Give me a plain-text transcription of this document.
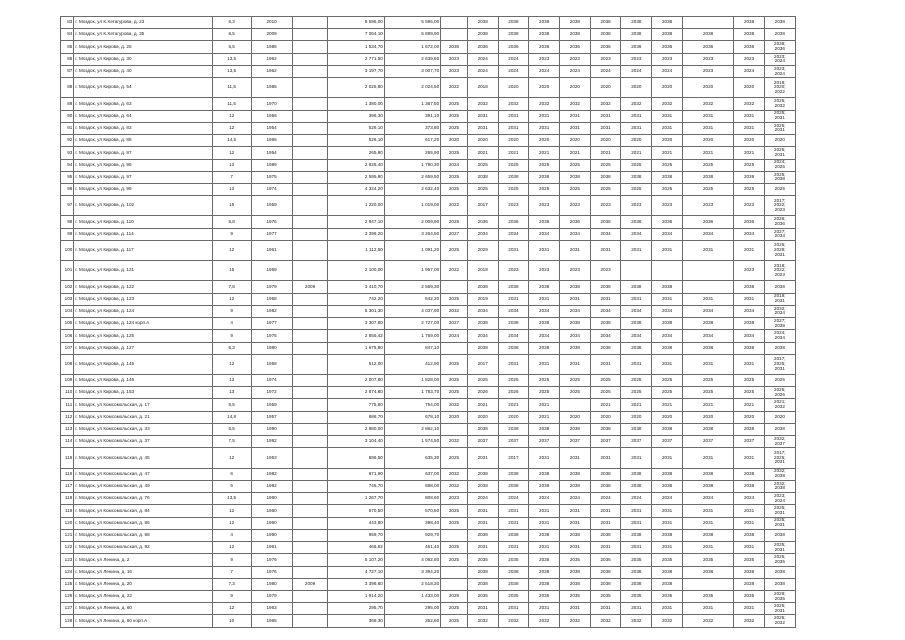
83	г. Моздок, ул К.Хетагурова, д. 23	6,3	2010		5 595,00	5 595,00		2038	2038	2038	2038	2038	2038	2038		2038	2038
84	г. Моздок, ул К.Хетагурова, д. 35	6,5	2009		7 064,10	5 899,90		2038	2038	2038	2038	2038	2038	2038	2038	2038	2038
85	г. Моздок, ул Кирова, д. 25	5,5	1986		1 534,70	1 672,00	2036	2036	2036	2036	2036	2036	2036	2036	2036	2036	2036;
2036
86	г. Моздок, ул Кирова, д. 30	13,5	1962		2 771,50	2 639,60	2023	2024	2024	2023	2023	2023	2023	2023	2023	2023	2023;
2024
87	г. Моздок, ул Кирова, д. 40	13,5	1962		3 197,70	3 007,70	2023	2024	2024	2024	2024	2024	2024	2024	2023	2024	2023;
2024
88	г. Моздок, ул Кирова, д. 54	11,5	1985		2 025,80	2 024,50	2022	2018	2020	2020	2020	2020	2020	2020	2020	2020	2018;
2020;
2022
89	г. Моздок, ул Кирова, д. 63	11,5	1970		1 380,00	1 367,50	2025	2032	2032	2032	2032	2032	2032	2032	2032	2032	2025;
2032
90	г. Моздок, ул Кирова, д. 64	12	1956		396,30	391,10	2025	2031	2031	2031	2031	2031	2031	2031	2031	2031	2025;
2031
91	г. Моздок, ул Кирова, д. 83	12	1954		529,10	373,80	2025	2031	2031	2031	2031	2031	2031	2031	2031	2031	2025;
2031
92	г. Моздок, ул Кирова, д. 85	14,5	1965		526,10	617,20	2020	2020	2020	2020	2020	2020	2020	2020	2020	2020	2020
93	г. Моздок, ул Кирова, д. 87	12	1954		265,90	265,90	2025	2021	2021	2021	2021	2021	2021	2021	2021	2021	2025;
2031
94	г. Моздок, ул Кирова, д. 95	13	1989		2 825,40	1 790,30	2024	2025	2025	2025	2025	2025	2025	2025	2025	2025	2024;
2025
95	г. Моздок, ул Кирова, д. 97	7	1975		2 595,90	2 659,50	2025	2038	2038	2038	2038	2038	2038	2038	2038	2038	2025;
2038
96	г. Моздок, ул Кирова, д. 99	13	1974		4 324,20	2 632,40	2025	2025	2025	2025	2025	2025	2025	2025	2025	2025	2025
97	г. Моздок, ул Кирова, д. 102	15	1959		1 220,00	1 019,00	2022	2017	2023	2023	2023	2023	2023	2023	2023	2023	2017;
2022;
2023
98	г. Моздок, ул Кирова, д. 110	5,8	1976		2 947,10	2 009,90	2026	2036	2036	2036	2036	2036	2036	2036	2036	2036	2026;
2036
99	г. Моздок, ул Кирова, д. 114	9	1977		3 399,20	3 264,50	2027	2034	2034	2034	2034	2034	2034	2034	2034	2034	2027;
2034
100	г. Моздок, ул Кирова, д. 117	12	1961		1 112,50	1 091,20	2025	2029	2031	2031	2031	2031	2031	2031	2031	2031	2025;
2029;
2031
101	г. Моздок, ул Кирова, д. 121	15	1959		2 100,00	1 957,00	2022	2018	2023	2023	2023	2023				2023	2018;
2022;
2023
102	г. Моздок, ул Кирова, д. 122	7,8	1979	2009	3 410,70	2 569,30		2038	2038	2038	2038	2038	2038	2038		2038	2038
103	г. Моздок, ул Кирова, д. 123	12	1958		742,20	642,20	2025	2019	2031	2031	2031	2031	2031	2031	2031	2031	2019;
2031
104	г. Моздок, ул Кирова, д. 124	9	1982		5 301,30	4 037,90	2032	2034	2034	2034	2034	2034	2034	2034	2034	2034	2032;
2034
105	г. Моздок, ул Кирова, д. 124 корп.А	4	1977		3 307,80	2 727,00	2027	2038	2038	2038	2038	2038	2038	2038	2038	2038	2027;
2038
106	г. Моздок, ул Кирова, д. 125	9	1975		2 855,42	1 769,00	2024	2034	2034	2034	2034	2034	2034	2034	2034	2034	2024;
2034
107	г. Моздок, ул Кирова, д. 127	6,3	1980		1 675,90	847,10		2038	2038	2038	2038	2038	2038	2038	2038	2038	2038
108	г. Моздок, ул Кирова, д. 145	12	1958		512,00	412,90	2025	2017	2031	2031	2031	2031	2031	2031	2031	2031	2017;
2025;
2031
109	г. Моздок, ул Кирова, д. 146	13	1974		2 007,80	1 828,00	2025	2025	2025	2025	2025	2025	2025	2025	2025	2025	2025
110	г. Моздок, ул Кирова, д. 153	13	1972		2 874,80	1 783,70	2025	2026	2026	2025	2025	2025	2025	2025	2025	2025	2025;
2026
111	г. Моздок, ул Комсомольская, д. 17	8,5	1959		775,60	754,00	2032	2021	2021	2021		2021	2021	2021	2021	2021	2021;
2032
112	г. Моздок, ул Комсомольская, д. 21	14,8	1957		686,70	678,10	2020	2020	2020	2021	2020	2020	2020	2020	2020	2020	2020
113	г. Моздок, ул Комсомольская, д. 33	5,5	1990		2 880,00	2 862,10		2038	2038	2038	2038	2038	2038	2038	2038	2038	2038
114	г. Моздок, ул Комсомольская, д. 37	7,5	1982		3 104,40	1 574,50	2032	2037	2037	2037	2037	2037	2037	2037	2037	2037	2032;
2037
115	г. Моздок, ул Комсомольская, д. 45	12	1953		696,50	635,30	2025	2031	2017	2031	2031	2031	2031	2031	2031	2031	2017;
2025;
2031
116	г. Моздок, ул Комсомольская, д. 47	6	1982		671,90	637,00	2032	2038	2038	2038	2038	2038	2038	2038	2038	2038	2032;
2038
117	г. Моздок, ул Комсомольская, д. 49	6	1982		745,70	688,00	2032	2038	2038	2038	2038	2038	2038	2038	2038	2038	2032;
2038
118	г. Моздок, ул Комсомольская, д. 76	13,5	1960		1 267,70	808,60	2023	2024	2024	2024	2024	2024	2024	2024	2024	2024	2023;
2024
119	г. Моздок, ул Комсомольская, д. 84	12	1960		570,50	570,50	2025	2031	2031	2031	2031	2031	2031	2031	2031	2031	2025;
2031
120	г. Моздок, ул Комсомольская, д. 86	12	1960		443,80	398,40	2025	2031	2031	2031	2031	2031	2031	2031	2031	2031	2025;
2031
121	г. Моздок, ул Комсомольская, д. 88	4	1990		959,70	929,70		2038	2038	2038	2038	2038	2038	2038	2038	2038	2038
122	г. Моздок, ул Комсомольская, д. 92	12	1961		466,62	461,40	2025	2031	2031	2031	2031	2031	2031	2031	2031	2031	2025;
2031
123	г. Моздок, ул Ленина, д. 2	9	1976		5 107,20	4 062,80	2025	2035	2035	2035	2035	2035	2035	2035	2035	2035	2025;
2035
124	г. Моздок, ул Ленина, д. 16	7	1976		4 727,10	3 394,20		2038	2038	2038	2038	2038	2038	2038	2038	2038	2038
125	г. Моздок, ул Ленина, д. 20	7,3	1980	2009	3 398,60	2 518,20		2038	2038	2038	2038	2038	2038	2038		2038	2038
126	г. Моздок, ул Ленина, д. 22	9	1979		1 914,20	1 433,00	2029	2035	2035	2035	2035	2035	2035	2035	2035	2035	2029;
2035
127	г. Моздок, ул Ленина, д. 60	12	1963		295,70	295,00	2025	2031	2031	2031	2031	2031	2031	2031	2031	2031	2025;
2031
128	г. Моздок, ул Ленина, д. 60 корп.А	10	1965		369,30	352,60	2025	2032	2032	2032	2032	2032	2032	2032	2032	2032	2025;
2032
